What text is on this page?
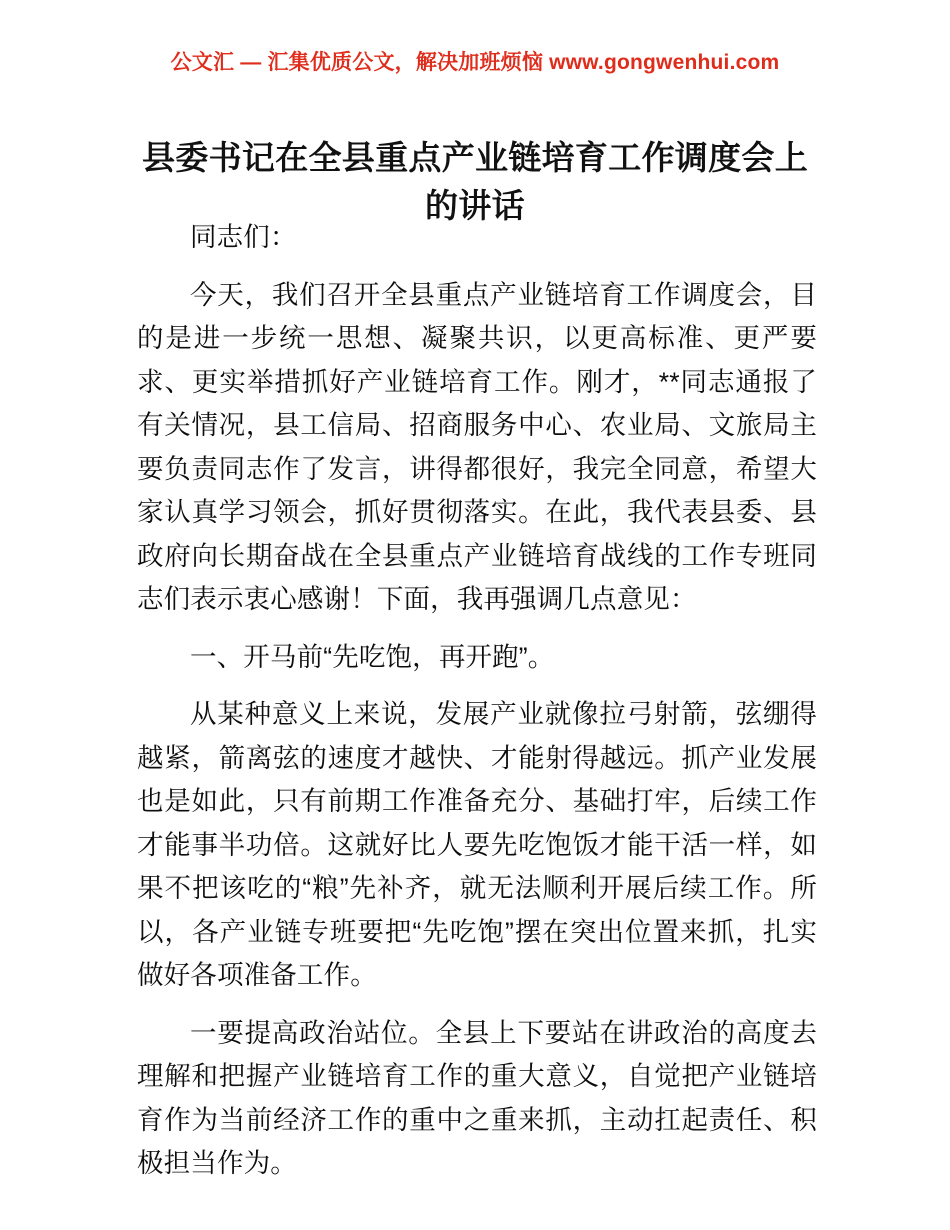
公文汇 — 汇集优质公文，解决加班烦恼 www.gongwenhui.com
县委书记在全县重点产业链培育工作调度会上的讲话

同志们：

今天，我们召开全县重点产业链培育工作调度会，目的是进一步统一思想、凝聚共识，以更高标准、更严要求、更实举措抓好产业链培育工作。刚才，**同志通报了有关情况，县工信局、招商服务中心、农业局、文旅局主要负责同志作了发言，讲得都很好，我完全同意，希望大家认真学习领会，抓好贯彻落实。在此，我代表县委、县政府向长期奋战在全县重点产业链培育战线的工作专班同志们表示衷心感谢！下面，我再强调几点意见：

一、开马前“先吃饱，再开跑”。

从某种意义上来说，发展产业就像拉弓射箭，弦绷得越紧，箭离弦的速度才越快、才能射得越远。抓产业发展也是如此，只有前期工作准备充分、基础打牢，后续工作才能事半功倍。这就好比人要先吃饱饭才能干活一样，如果不把该吃的“粮”先补齐，就无法顺利开展后续工作。所以，各产业链专班要把“先吃饱”摆在突出位置来抓，扎实做好各项准备工作。

一要提高政治站位。全县上下要站在讲政治的高度去理解和把握产业链培育工作的重大意义，自觉把产业链培育作为当前经济工作的重中之重来抓，主动扛起责任、积极担当作为。
